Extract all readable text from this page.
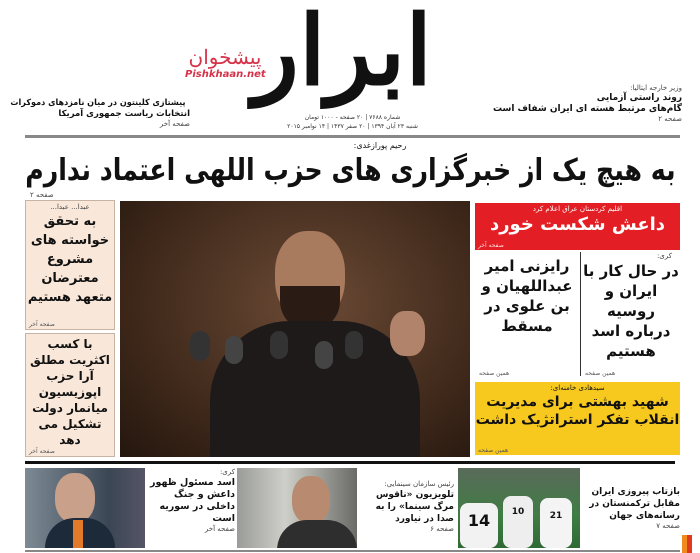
ابرار
پیشخوان
Pishkhaan.net
شماره ۷۶۸۸ | ۲۰ صفحه - ۱۰۰۰ تومان
شنبه ۲۳ آبان ۱۳۹۴ | ۲۰ صفر ۱۴۳۷ | ۱۴ نوامبر ۲۰۱۵
پیشتازی کلینتون در میان نامزدهای دموکرات
انتخابات ریاست جمهوری آمریکا
صفحه آخر
وزیر خارجه ایتالیا:
روند راستی آزمایی
گام‌های مرتبط هسته ای ایران شفاف است
صفحه ۲
رحیم پورازغدی:
به هیچ یک از خبرگزاری های حزب اللهی اعتماد ندارم
صفحه ۲
عبدا... عبدا...
به تحقق خواسته های مشروع معترضان متعهد هستیم
صفحه آخر
با کسب اکثریت مطلق آرا حزب اپوزیسیون میانمار دولت تشکیل می دهد
صفحه آخر
اقلیم کردستان عراق اعلام کرد
داعش شکست خورد
صفحه آخر
کری:
در حال کار با ایران و روسیه درباره اسد هستیم
همین صفحه
رایزنی امیر عبداللهیان و بن علوی در مسقط
همین صفحه
سیدهادی خامنه‌ای:
شهید بهشتی برای مدیریت انقلاب تفکر استراتژیک داشت
همین صفحه
کری:
اسد مسئول ظهور داعش و جنگ داخلی در سوریه است
صفحه آخر
رئیس سازمان سینمایی:
تلویزیون «ناقوس مرگ سینما» را به صدا در نیاورد
صفحه ۶ 14	10	21
بازتاب پیروزی ایران مقابل ترکمنستان در رسانه‌های جهان
صفحه ۷
